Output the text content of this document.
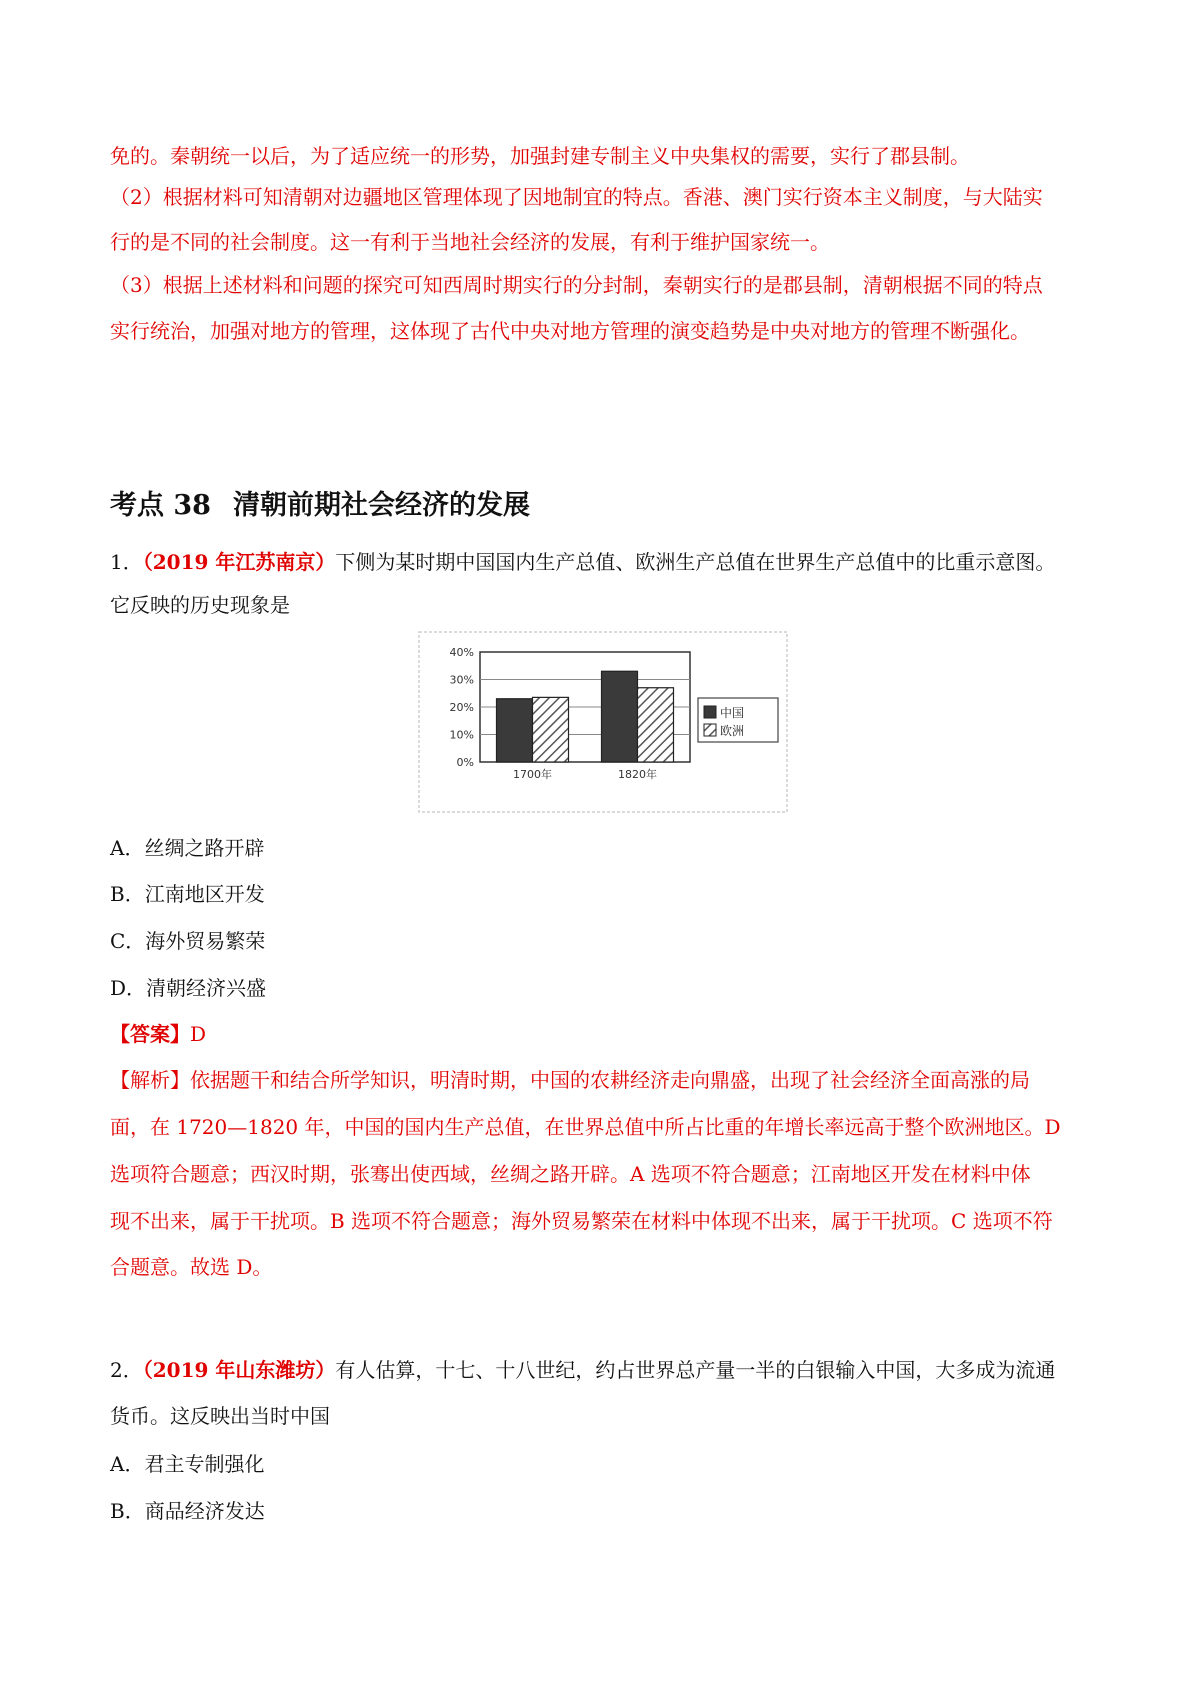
免的。秦朝统一以后，为了适应统一的形势，加强封建专制主义中央集权的需要，实行了郡县制。
（2）根据材料可知清朝对边疆地区管理体现了因地制宜的特点。香港、澳门实行资本主义制度，与大陆实
行的是不同的社会制度。这一有利于当地社会经济的发展，有利于维护国家统一。
（3）根据上述材料和问题的探究可知西周时期实行的分封制，秦朝实行的是郡县制，清朝根据不同的特点
实行统治，加强对地方的管理，这体现了古代中央对地方管理的演变趋势是中央对地方的管理不断强化。
考点 38 清朝前期社会经济的发展
1．（2019 年江苏南京）下侧为某时期中国国内生产总值、欧洲生产总值在世界生产总值中的比重示意图。
它反映的历史现象是
0%
10%
20%
30%
40%
1700年	1820年
中国
欧洲
A．丝绸之路开辟
B．江南地区开发
C．海外贸易繁荣
D．清朝经济兴盛
【答案】D
【解析】依据题干和结合所学知识，明清时期，中国的农耕经济走向鼎盛，出现了社会经济全面高涨的局
面，在 1720—1820 年，中国的国内生产总值，在世界总值中所占比重的年增长率远高于整个欧洲地区。D
选项符合题意；西汉时期，张骞出使西域，丝绸之路开辟。A 选项不符合题意；江南地区开发在材料中体
现不出来，属于干扰项。B 选项不符合题意；海外贸易繁荣在材料中体现不出来，属于干扰项。C 选项不符
合题意。故选 D。
2．（2019 年山东潍坊）有人估算，十七、十八世纪，约占世界总产量一半的白银输入中国，大多成为流通
货币。这反映出当时中国
A．君主专制强化
B．商品经济发达
